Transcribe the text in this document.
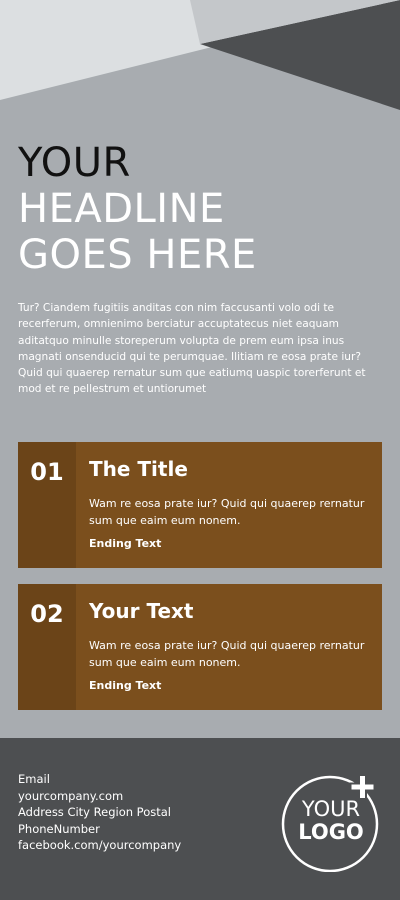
YOUR
HEADLINE
GOES HERE

Tur? Ciandem fugitiis anditas con nim faccusanti volo odi te recerferum, omnienimo berciatur accuptatecus niet eaquam aditatquo minulle storeperum volupta de prem eum ipsa inus magnati onsenducid qui te perumquae. Ilitiam re eosa prate iur? Quid qui quaerep rernatur sum que eatiumq uaspic torerferunt et mod et re pellestrum et untiorumet

01	The Title
Wam re eosa prate iur? Quid qui quaerep rernatur sum que eaim eum nonem.
Ending Text
02	Your Text
Wam re eosa prate iur? Quid qui quaerep rernatur sum que eaim eum nonem.
Ending Text
Email
yourcompany.com
Address City Region Postal
PhoneNumber
facebook.com/yourcompany
YOUR
LOGO
